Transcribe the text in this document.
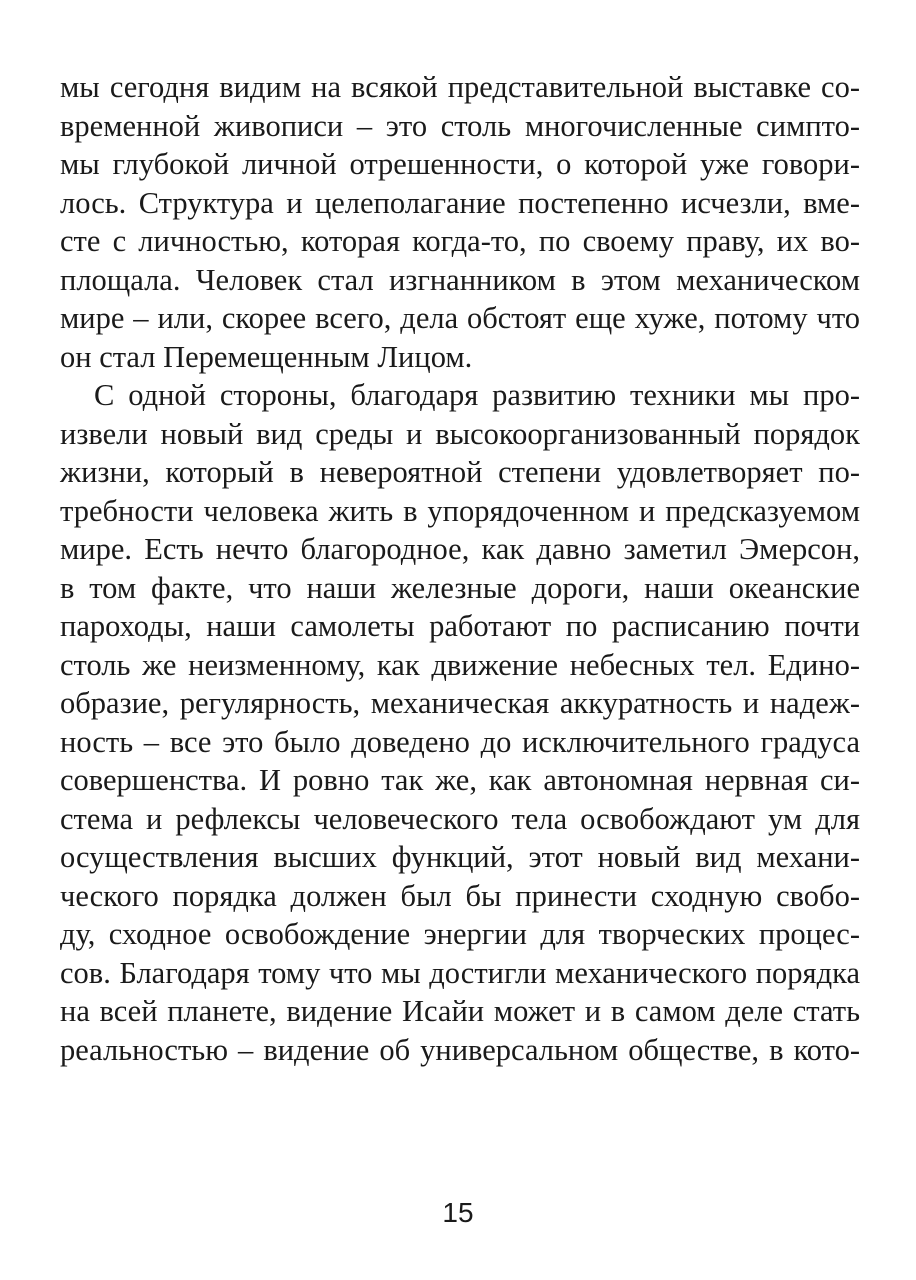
мы сегодня видим на всякой представительной выставке со-
временной живописи – это столь многочисленные симпто-
мы глубокой личной отрешенности, о которой уже говори-
лось. Структура и целеполагание постепенно исчезли, вме-
сте с личностью, которая когда-то, по своему праву, их во-
площала. Человек стал изгнанником в этом механическом
мире – или, скорее всего, дела обстоят еще хуже, потому что
он стал Перемещенным Лицом.
С одной стороны, благодаря развитию техники мы про-
извели новый вид среды и высокоорганизованный порядок
жизни, который в невероятной степени удовлетворяет по-
требности человека жить в упорядоченном и предсказуемом
мире. Есть нечто благородное, как давно заметил Эмерсон,
в том факте, что наши железные дороги, наши океанские
пароходы, наши самолеты работают по расписанию почти
столь же неизменному, как движение небесных тел. Едино-
образие, регулярность, механическая аккуратность и надеж-
ность – все это было доведено до исключительного градуса
совершенства. И ровно так же, как автономная нервная си-
стема и рефлексы человеческого тела освобождают ум для
осуществления высших функций, этот новый вид механи-
ческого порядка должен был бы принести сходную свобо-
ду, сходное освобождение энергии для творческих процес-
сов. Благодаря тому что мы достигли механического порядка
на всей планете, видение Исайи может и в самом деле стать
реальностью – видение об универсальном обществе, в кото-
15
